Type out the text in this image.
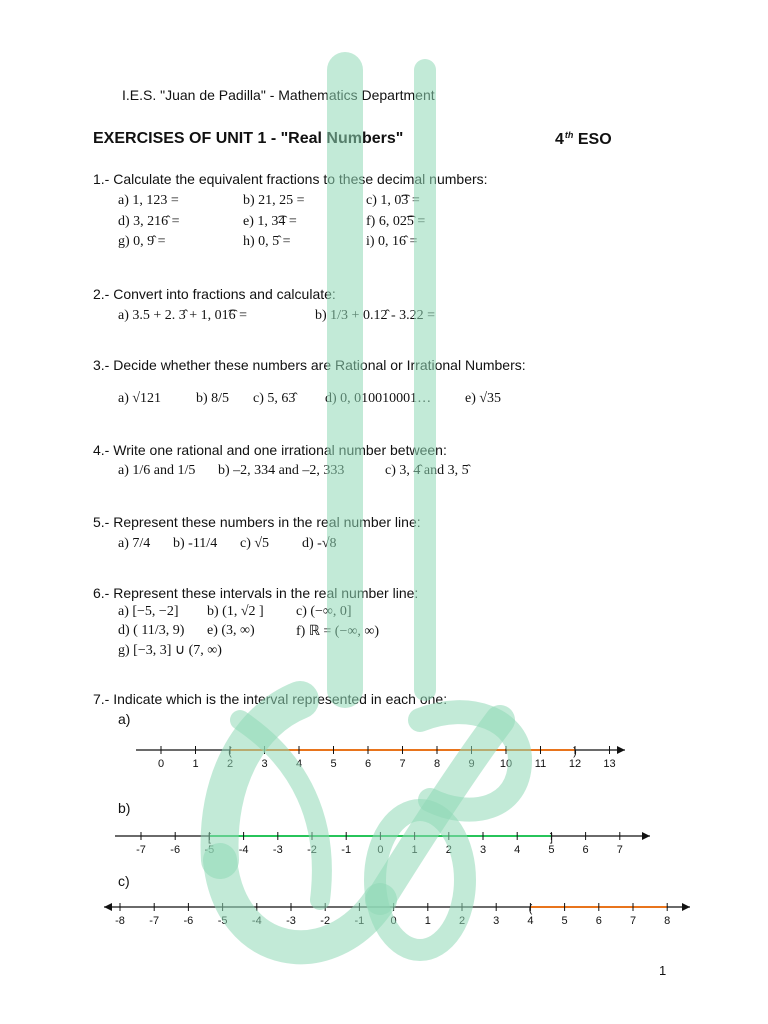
I.E.S. "Juan de Padilla" - Mathematics Department
EXERCISES OF UNIT 1 - "Real Numbers"	4th ESO
1.- Calculate the equivalent fractions to these decimal numbers:
a) 1, 123 =	b) 21, 25 =	c) 1, 0͡3 =
d) 3, 216̂ =	e) 1, 3͡4 =	f) 6, 02͡5 =
g) 0, 9̂ =	h) 0, 5̂ =	i) 0, 16̂ =
2.- Convert into fractions and calculate:
a) 3.5 + 2. 3̂ + 1, 01͡6 =	b) 1/3 + 0.12̂ - 3.22 =
3.- Decide whether these numbers are Rational or Irrational Numbers:
a) √121 b) 8/5 c) 5, 63̂ d) 0, 010010001… e) √35
4.- Write one rational and one irrational number between:
a) 1/6 and 1/5 b) –2, 334 and –2, 333	c) 3, 4̂ and 3, 5̂
5.- Represent these numbers in the real number line:
a) 7/4 b) -11/4 c) √5 d) -√8
6.- Represent these intervals in the real number line:
a) [−5, −2] b) (1, √2 ] c) (−∞, 0]
d) ( 11/3, 9) e) (3, ∞)	f) ℝ = (−∞, ∞)
g) [−3, 3] ∪ (7, ∞)
7.- Indicate which is the interval represented in each one:
a)
b)
c)
0	1	2	3	4	5	6	7	8	9 10 11 12 13
(	)
-7 -6 -5 -4 -3 -2 -1 0	1	2	3	4	5	6	7
[	]
-8 -7 -6 -5 -4 -3 -2 -1 0	1	2	3	4	5	6	7	8
(
1
